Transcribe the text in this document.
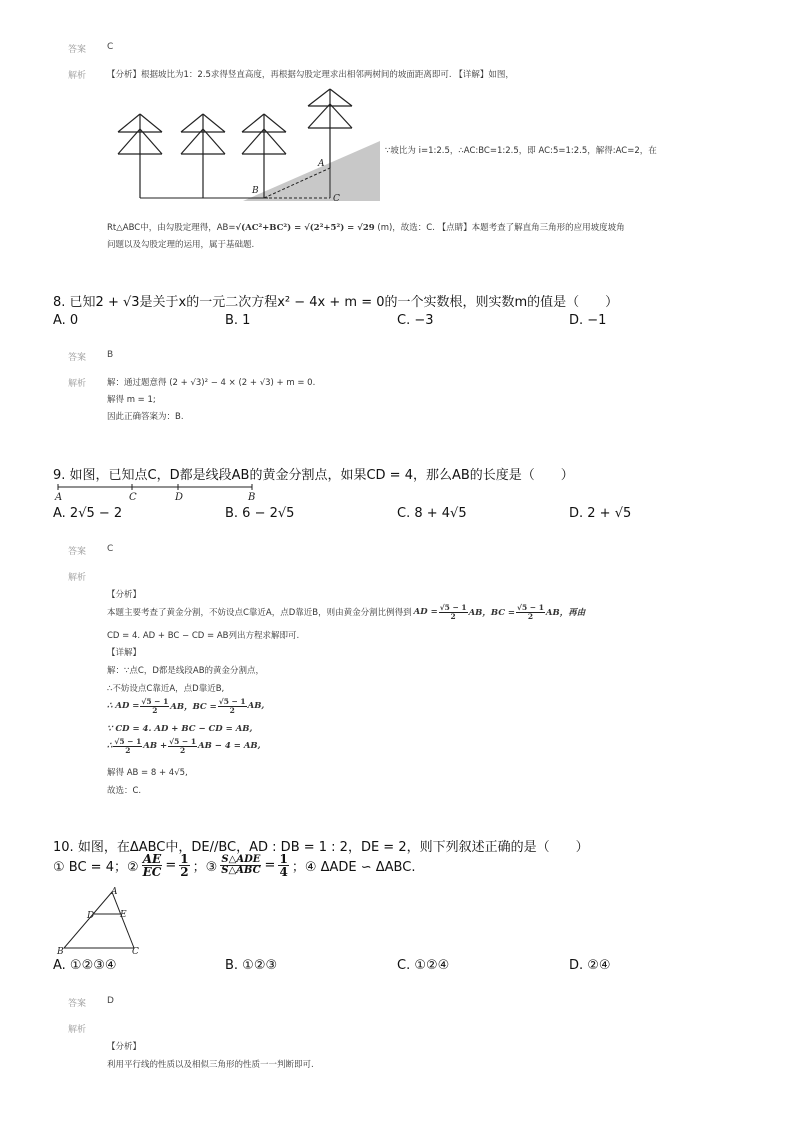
答案 C
解析 【分析】根据坡比为1：2.5求得竖直高度，再根据勾股定理求出相邻两树间的坡面距离即可. 【详解】如图，
A
B
C
∵坡比为 i=1:2.5，∴AC:BC=1:2.5，即 AC:5=1:2.5，解得:AC=2，在
Rt△ABC中，由勾股定理得，AB=√(AC²+BC²) = √(2²+5²) = √29 (m)，故选：C. 【点睛】本题考查了解直角三角形的应用坡度坡角
问题以及勾股定理的运用，属于基础题.
8. 已知2 + √3是关于x的一元二次方程x² − 4x + m = 0的一个实数根，则实数m的值是（　　）
A. 0	B. 1	C. −3	D. −1
答案 B
解析 解：通过题意得 (2 + √3)² − 4 × (2 + √3) + m = 0.
解得 m = 1;
因此正确答案为：B.
9. 如图，已知点C，D都是线段AB的黄金分割点，如果CD = 4，那么AB的长度是（　　）
A	C	D	B
A. 2√5 − 2	B. 6 − 2√5	C. 8 + 4√5	D. 2 + √5
答案 C
解析
【分析】
本题主要考查了黄金分割，不妨设点C靠近A，点D靠近B，则由黄金分割比例得到 AD = $\frac{√5 - 1}{2}$ AB，BC = $\frac{√5 - 1}{2}$ AB，再由
CD = 4. AD + BC − CD = AB列出方程求解即可.
【详解】
解：∵点C，D都是线段AB的黄金分割点，
∴不妨设点C靠近A，点D靠近B,
∴ AD = $\frac{√5 - 1}{2}$ AB，BC = $\frac{√5 - 1}{2}$ AB,
∵ CD = 4. AD + BC − CD = AB,
∴ $\frac{√5 - 1}{2}$ AB + $\frac{√5 - 1}{2}$ AB − 4 = AB,
解得 AB = 8 + 4√5,
故选：C.
10. 如图，在ΔABC中，DE//BC，AD : DB = 1 : 2，DE = 2，则下列叙述正确的是（　　）
① BC = 4；② $\frac{AE}{EC} = \frac{1}{2}$ ；③ $\frac{\text{S△ADE}}{\text{S△ABC}} = \frac{1}{4}$ ；④ ΔADE ∽ ΔABC.
A
D	E
B	C
A. ①②③④	B. ①②③	C. ①②④	D. ②④
答案 D
解析
【分析】
利用平行线的性质以及相似三角形的性质一一判断即可.
